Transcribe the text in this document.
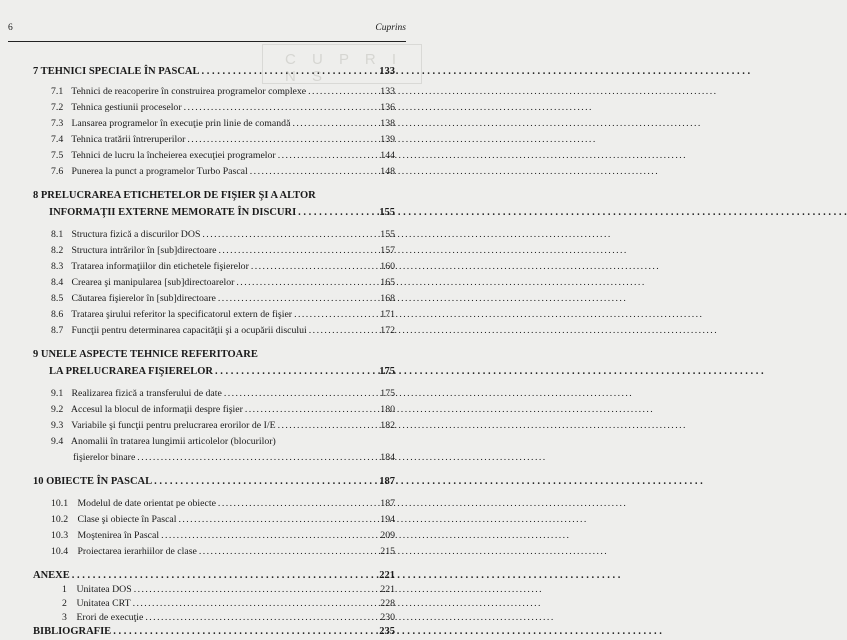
6	Cuprins
C U P R I N S
7 TEHNICI SPECIALE ÎN PASCAL . . .	133
7.1 Tehnici de reacoperire în construirea programelor complexe . . .	133
7.2 Tehnica gestiunii proceselor . . .	136
7.3 Lansarea programelor în execuţie prin linie de comandă . . .	138
7.4 Tehnica tratării întreruperilor . . .	139
7.5 Tehnici de lucru la încheierea execuţiei programelor . . .	144
7.6 Punerea la punct a programelor Turbo Pascal . . .	148
8 PRELUCRAREA ETICHETELOR DE FIŞIER ŞI A ALTOR
INFORMAŢII EXTERNE MEMORATE ÎN DISCURI . . .	155
8.1 Structura fizică a discurilor DOS . . .	155
8.2 Structura intrărilor în [sub]directoare . . .	157
8.3 Tratarea informaţiilor din etichetele fişierelor . . .	160
8.4 Crearea şi manipularea [sub]directoarelor . . .	165
8.5 Căutarea fişierelor în [sub]directoare . . .	168
8.6 Tratarea şirului referitor la specificatorul extern de fişier . . .	171
8.7 Funcţii pentru determinarea capacităţii şi a ocupării discului . . .	172
9 UNELE ASPECTE TEHNICE REFERITOARE
LA PRELUCRAREA FIŞIERELOR . . .	175
9.1 Realizarea fizică a transferului de date . . .	175
9.2 Accesul la blocul de informaţii despre fişier . . .	180
9.3 Variabile şi funcţii pentru prelucrarea erorilor de I/E . . .	182
9.4 Anomalii în tratarea lungimii articolelor (blocurilor)
fişierelor binare . . .	184
10 OBIECTE ÎN PASCAL . . .	187
10.1 Modelul de date orientat pe obiecte . . .	187
10.2 Clase şi obiecte în Pascal . . .	194
10.3 Moştenirea în Pascal . . .	209
10.4 Proiectarea ierarhiilor de clase . . .	215
ANEXE . . .	221
1 Unitatea DOS . . .	221
2 Unitatea CRT . . .	228
3 Erori de execuţie . . .	230
BIBLIOGRAFIE . . .	235
